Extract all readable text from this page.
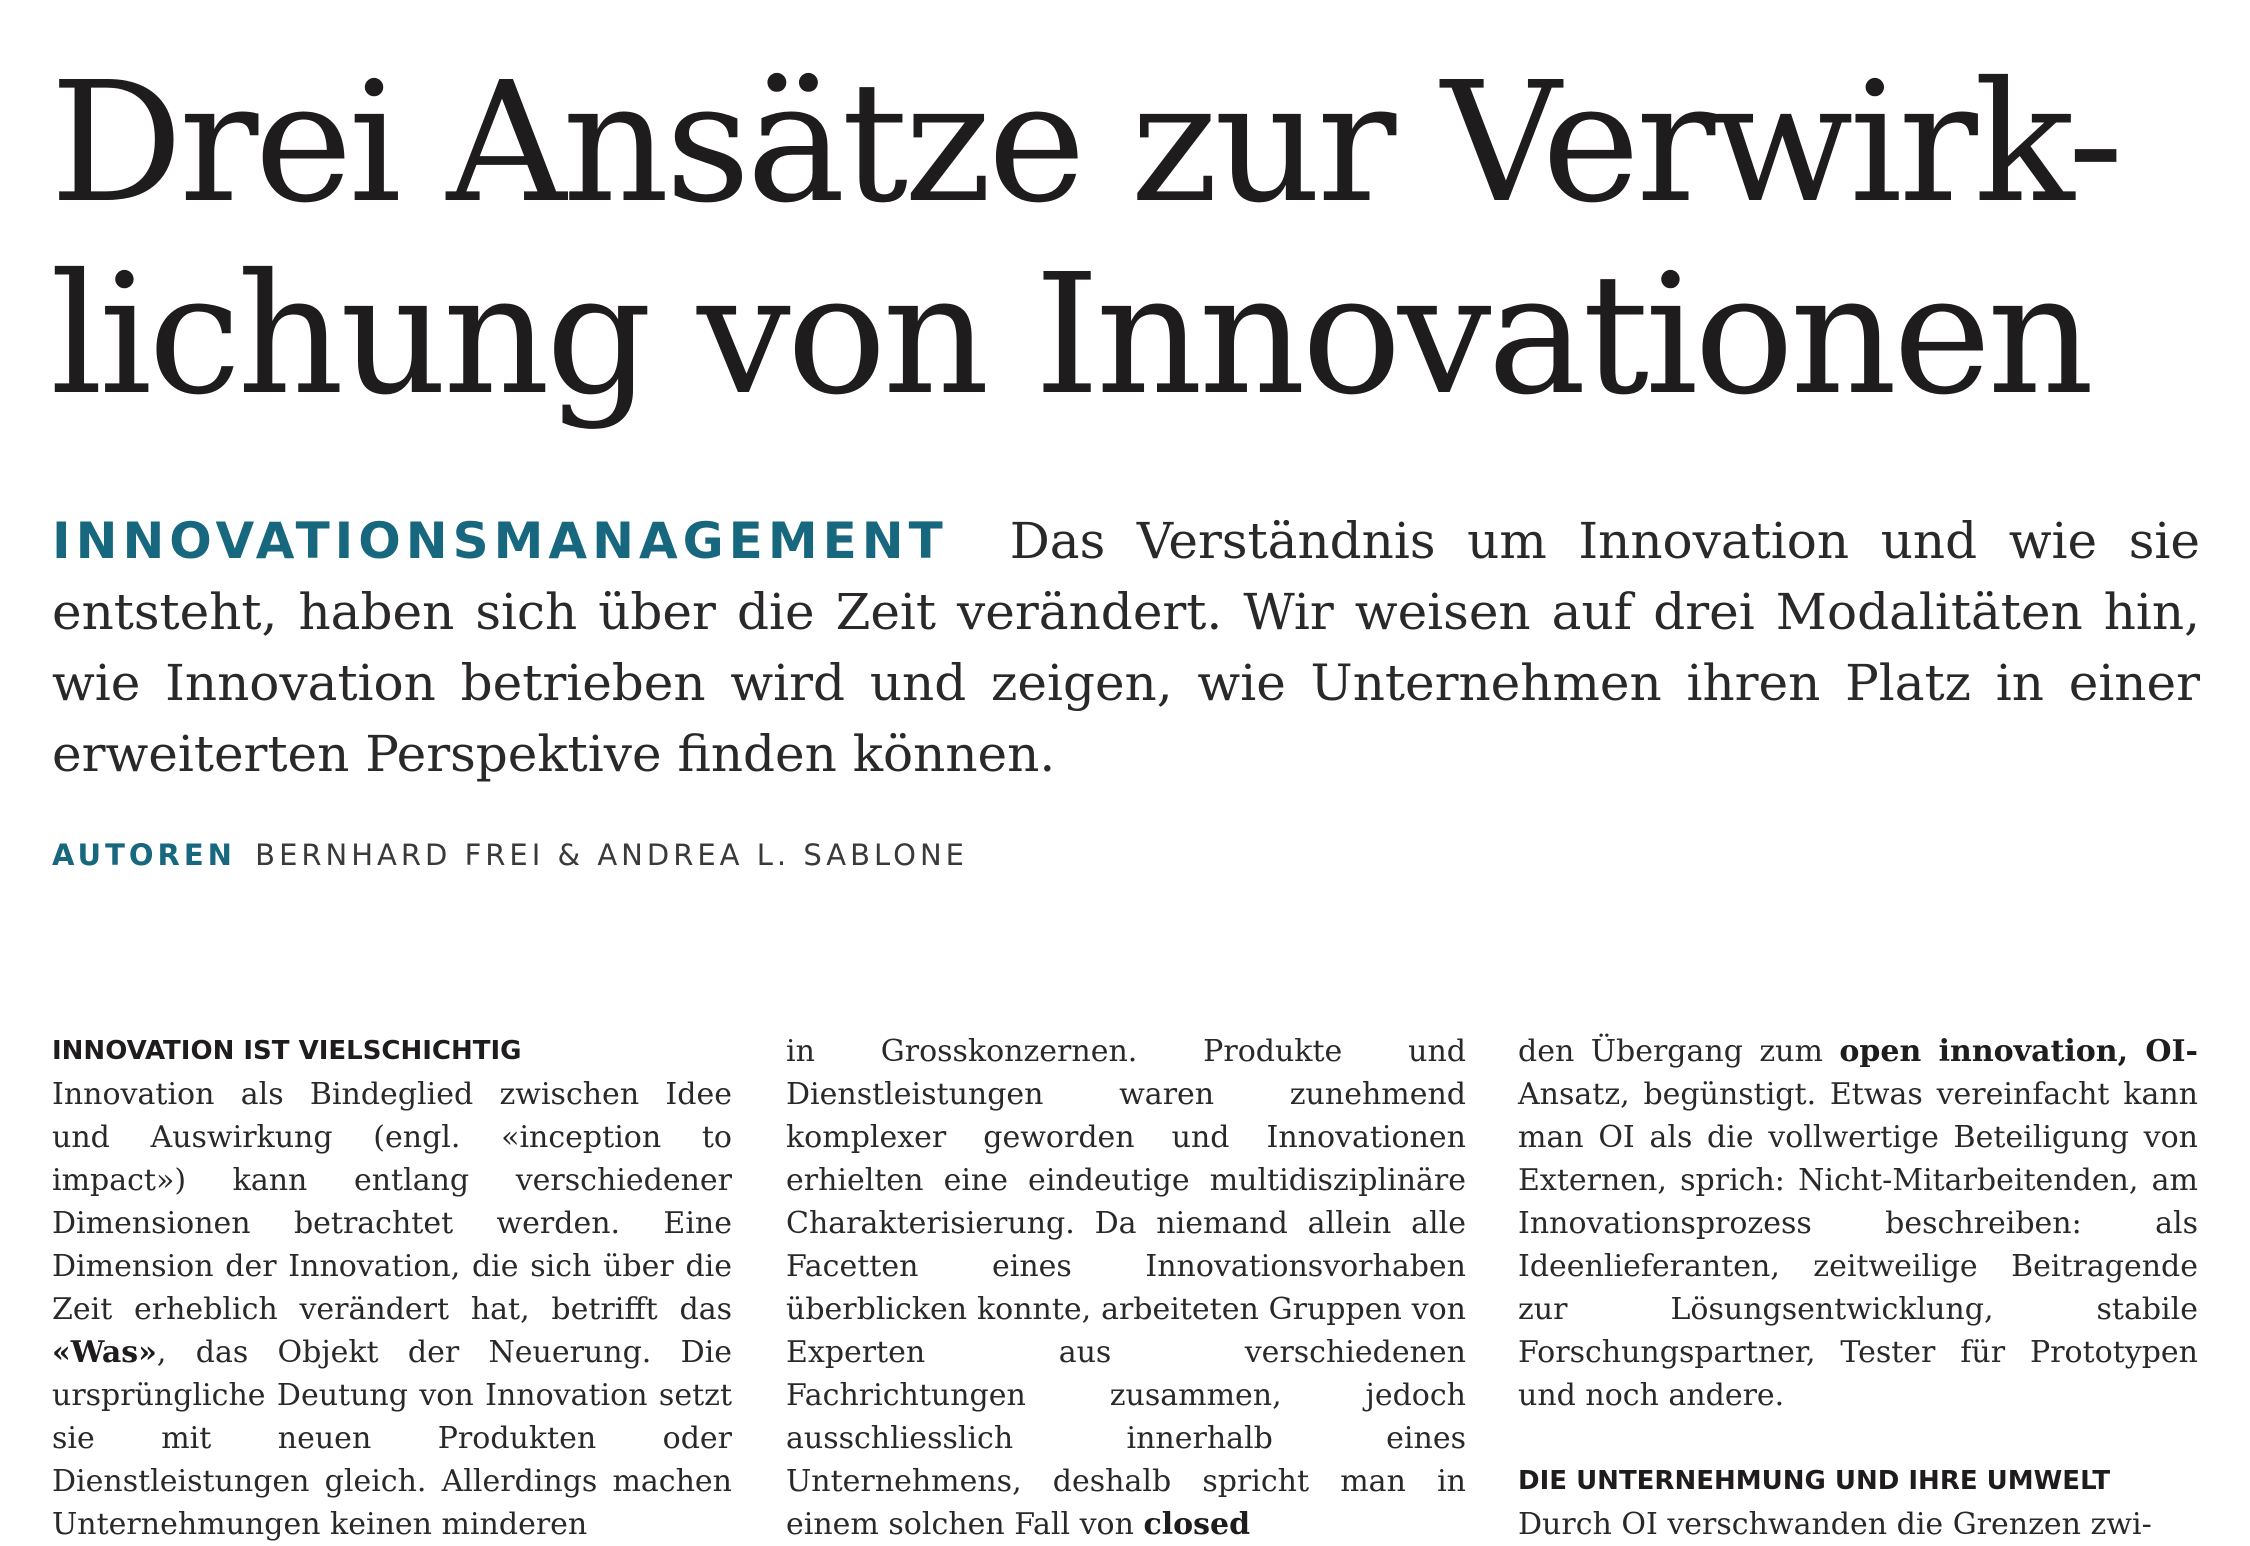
Drei Ansätze zur Verwirk-
lichung von Innovationen

INNOVATIONSMANAGEMENT Das Verständnis um Innovation und wie sie entsteht, haben sich über die Zeit verändert. Wir weisen auf drei Modalitäten hin, wie Innovation betrieben wird und zeigen, wie Unternehmen ihren Platz in einer erweiterten Perspektive finden können.

AUTOREN BERNHARD FREI & ANDREA L. SABLONE
INNOVATION IST VIELSCHICHTIG

Innovation als Bindeglied zwischen Idee und Auswirkung (engl. «inception to impact») kann entlang verschiedener Dimensionen betrachtet werden. Eine Dimension der Innovation, die sich über die Zeit erheblich verändert hat, betrifft das «Was», das Objekt der Neuerung. Die ursprüngliche Deutung von Innovation setzt sie mit neuen Produkten oder Dienstleistungen gleich. Allerdings machen Unternehmungen keinen minderen

in Grosskonzernen. Produkte und Dienstleistungen waren zunehmend komplexer geworden und Innovationen erhielten eine eindeutige multidisziplinäre Charakterisierung. Da niemand allein alle Facetten eines Innovationsvorhaben überblicken konnte, arbeiteten Gruppen von Experten aus verschiedenen Fachrichtungen zusammen, jedoch ausschliesslich innerhalb eines Unternehmens, deshalb spricht man in einem solchen Fall von closed

den Übergang zum open innovation, OI-Ansatz, begünstigt. Etwas vereinfacht kann man OI als die vollwertige Beteiligung von Externen, sprich: Nicht-Mitarbeitenden, am Innovationsprozess beschreiben: als Ideenlieferanten, zeitweilige Beitragende zur Lösungsentwicklung, stabile Forschungspartner, Tester für Prototypen und noch andere.

DIE UNTERNEHMUNG UND IHRE UMWELT

Durch OI verschwanden die Grenzen zwi-
